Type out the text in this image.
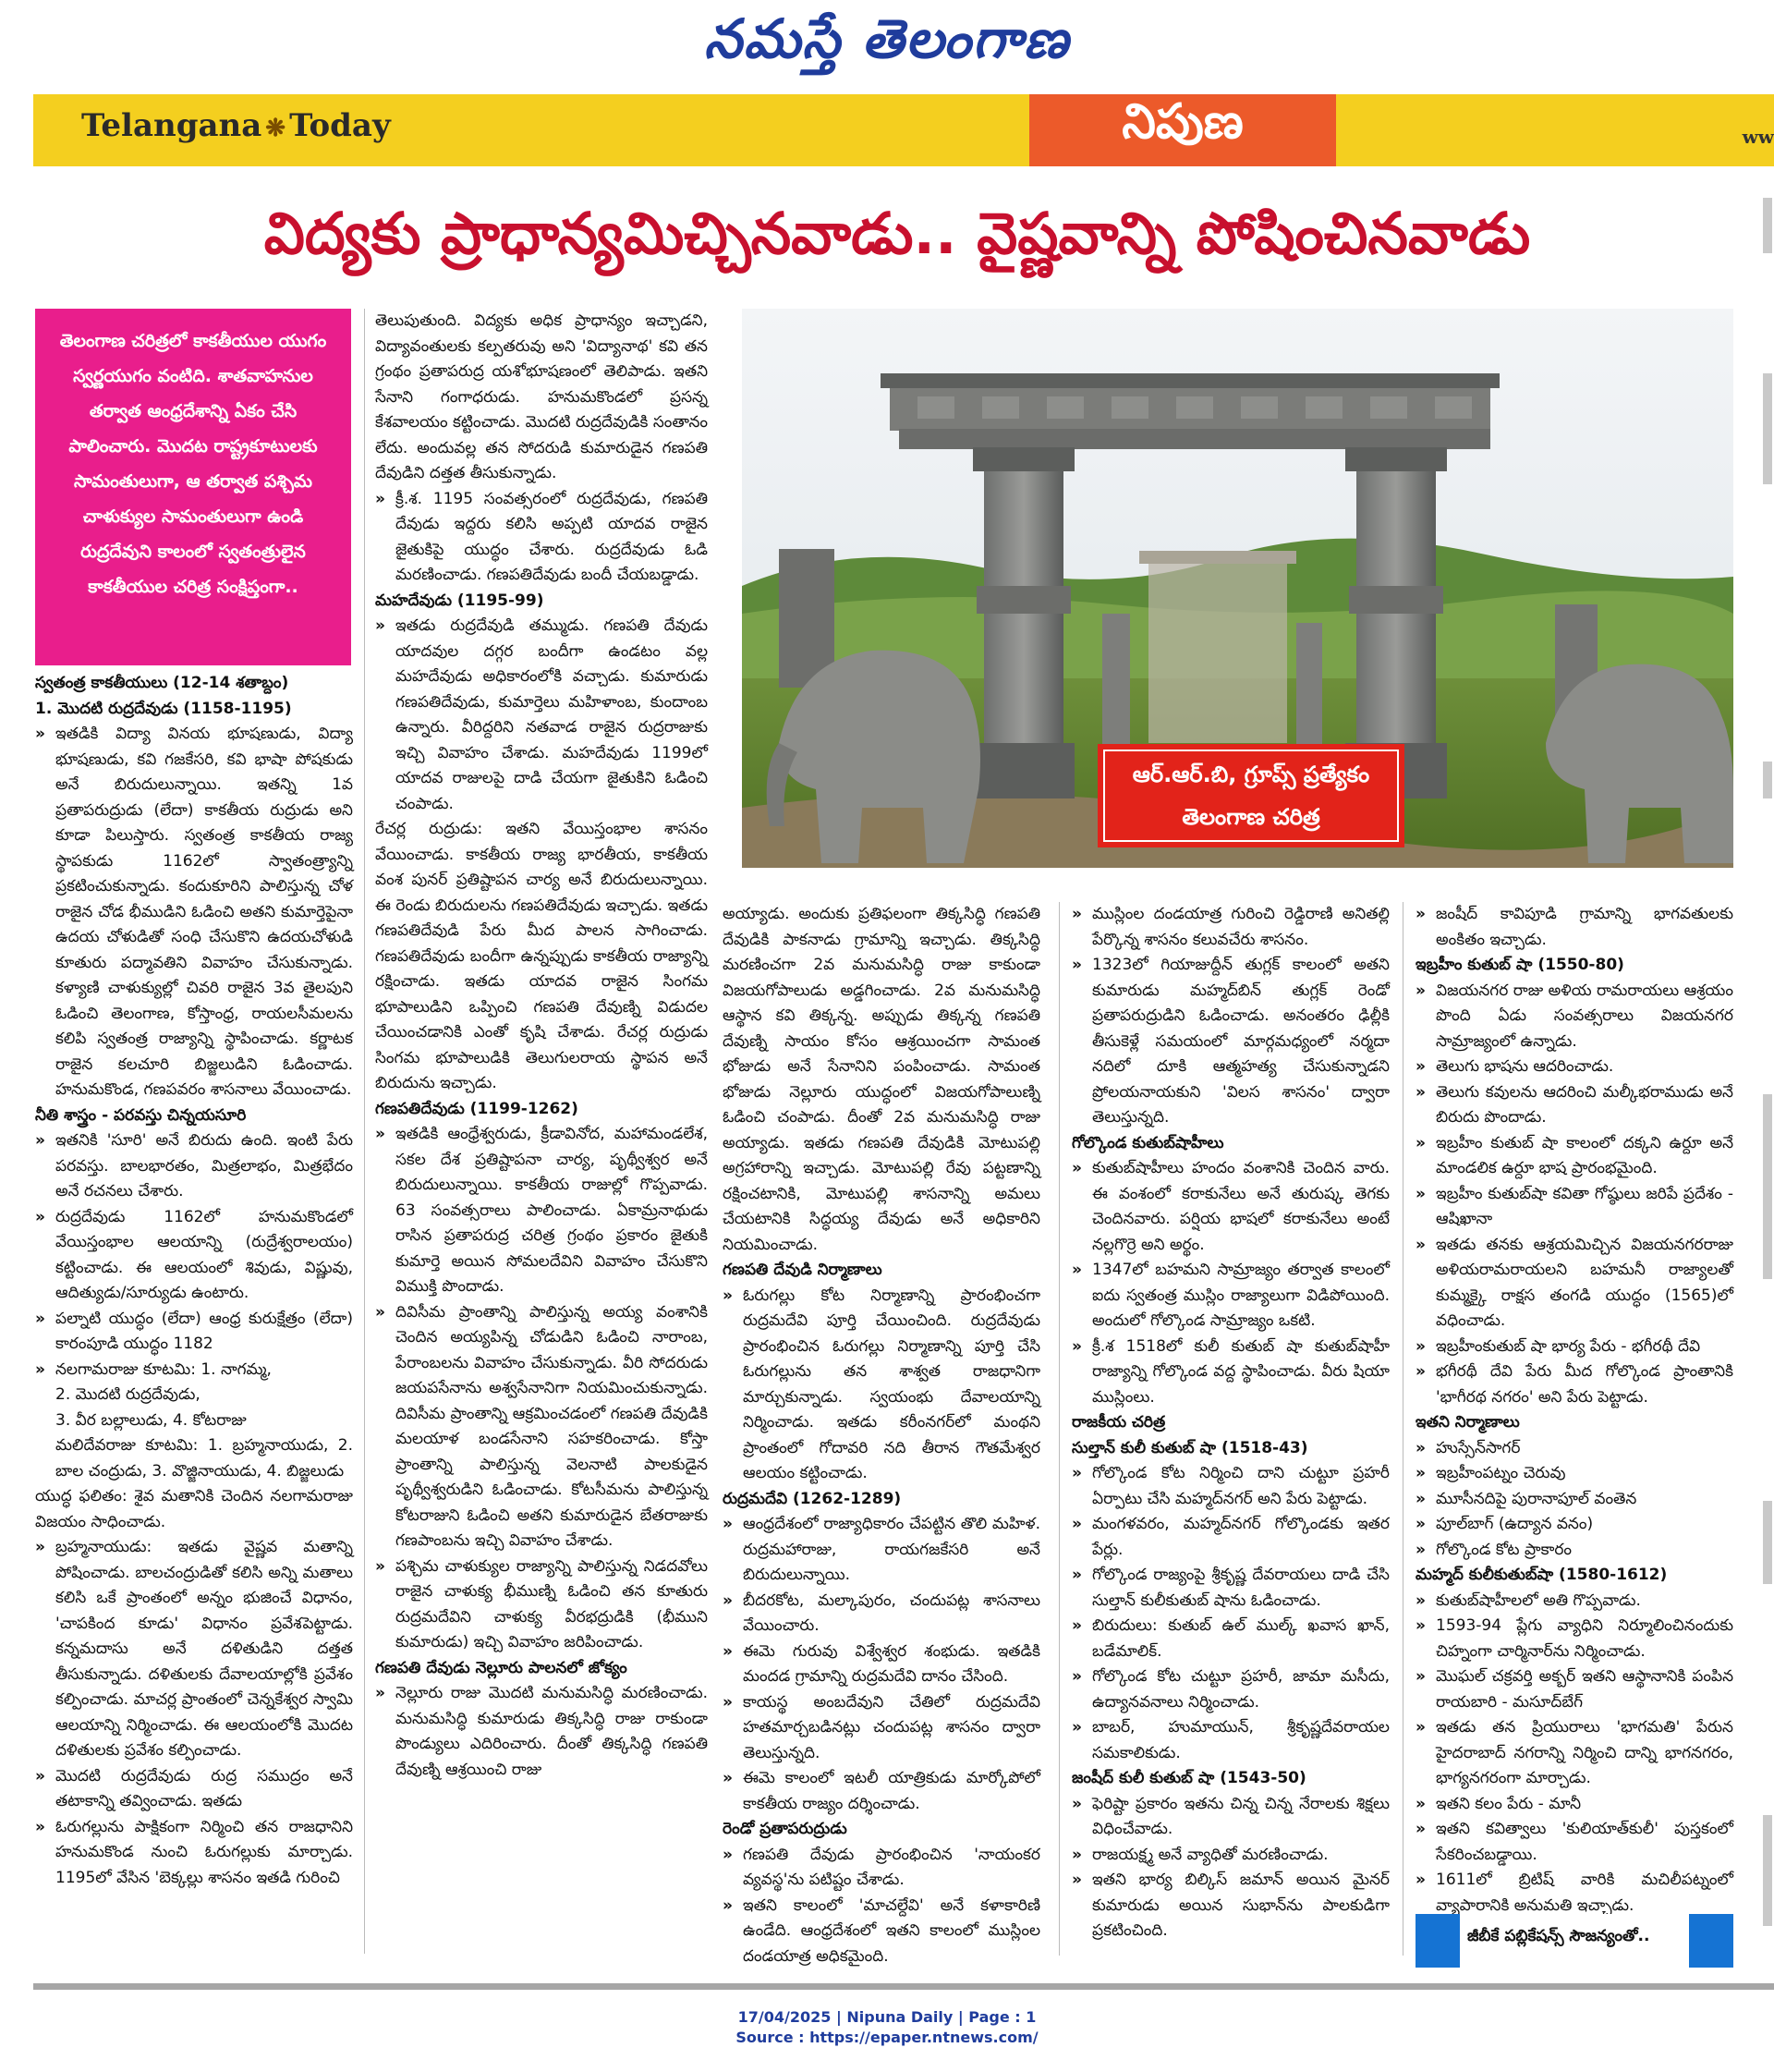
నమస్తే తెలంగాణ
Telangana ❋ Today	నిపుణ	ww
విద్యకు ప్రాధాన్యమిచ్చినవాడు.. వైష్ణవాన్ని పోషించినవాడు
తెలంగాణ చరిత్రలో కాకతీయుల యుగం స్వర్ణయుగం వంటిది. శాతవాహనుల తర్వాత ఆంధ్రదేశాన్ని ఏకం చేసి పాలించారు. మొదట రాష్ట్రకూటులకు సామంతులుగా, ఆ తర్వాత పశ్చిమ చాళుక్యుల సామంతులుగా ఉండి రుద్రదేవుని కాలంలో స్వతంత్రులైన కాకతీయుల చరిత్ర సంక్షిప్తంగా..

స్వతంత్ర కాకతీయులు (12-14 శతాబ్దం)

1. మొదటి రుద్రదేవుడు (1158-1195)

» ఇతడికి విద్యా వినయ భూషణుడు, విద్యా భూషణుడు, కవి గజకేసరి, కవి భాషా పోషకుడు అనే బిరుదులున్నాయి. ఇతన్ని 1వ ప్రతాపరుద్రుడు (లేదా) కాకతీయ రుద్రుడు అని కూడా పిలుస్తారు. స్వతంత్ర కాకతీయ రాజ్య స్థాపకుడు 1162లో స్వాతంత్ర్యాన్ని ప్రకటించుకున్నాడు. కందుకూరిని పాలిస్తున్న చోళ రాజైన చోడ భీముడిని ఓడించి అతని కుమార్తెపైనా ఉదయ చోళుడితో సంధి చేసుకొని ఉదయచోళుడి కూతురు పద్మావతిని వివాహం చేసుకున్నాడు. కళ్యాణి చాళుక్యుల్లో చివరి రాజైన 3వ తైలపుని ఓడించి తెలంగాణ, కోస్తాంధ్ర, రాయలసీమలను కలిపి స్వతంత్ర రాజ్యాన్ని స్థాపించాడు. కర్ణాటక రాజైన కలచూరి బిజ్జలుడిని ఓడించాడు. హనుమకొండ, గణపవరం శాసనాలు వేయించాడు.

నీతి శాస్త్రం - పరవస్తు చిన్నయసూరి

» ఇతనికి 'సూరి' అనే బిరుదు ఉంది. ఇంటి పేరు పరవస్తు. బాలభారతం, మిత్రలాభం, మిత్రభేదం అనే రచనలు చేశారు.

» రుద్రదేవుడు 1162లో హనుమకొండలో వేయిస్తంభాల ఆలయాన్ని (రుద్రేశ్వరాలయం) కట్టించాడు. ఈ ఆలయంలో శివుడు, విష్ణువు, ఆదిత్యుడు/సూర్యుడు ఉంటారు.

» పల్నాటి యుద్ధం (లేదా) ఆంధ్ర కురుక్షేత్రం (లేదా) కారంపూడి యుద్ధం 1182

» నలగామరాజు కూటమి: 1. నాగమ్మ,

2. మొదటి రుద్రదేవుడు,

3. వీర బల్లాలుడు, 4. కోటరాజు

మలిదేవరాజు కూటమి: 1. బ్రహ్మనాయుడు, 2. బాల చంద్రుడు, 3. వొజ్జినాయుడు, 4. బిజ్జలుడు

యుద్ధ ఫలితం: శైవ మతానికి చెందిన నలగామరాజు విజయం సాధించాడు.

» బ్రహ్మనాయుడు: ఇతడు వైష్ణవ మతాన్ని పోషించాడు. బాలచంద్రుడితో కలిసి అన్ని మతాలు కలిసి ఒకే ప్రాంతంలో అన్నం భుజించే విధానం, 'చాపకింద కూడు' విధానం ప్రవేశపెట్టాడు. కన్నమదాసు అనే దళితుడిని దత్తత తీసుకున్నాడు. దళితులకు దేవాలయాల్లోకి ప్రవేశం కల్పించాడు. మాచర్ల ప్రాంతంలో చెన్నకేశ్వర స్వామి ఆలయాన్ని నిర్మించాడు. ఈ ఆలయంలోకి మొదట దళితులకు ప్రవేశం కల్పించాడు.

» మొదటి రుద్రదేవుడు రుద్ర సముద్రం అనే తటాకాన్ని తవ్వించాడు. ఇతడు

» ఓరుగల్లును పాక్షికంగా నిర్మించి తన రాజధానిని హనుమకొండ నుంచి ఓరుగల్లుకు మార్చాడు. 1195లో వేసిన 'బెక్కల్లు శాసనం ఇతడి గురించి

తెలుపుతుంది. విద్యకు అధిక ప్రాధాన్యం ఇచ్చాడని, విద్యావంతులకు కల్పతరువు అని 'విద్యానాథ' కవి తన గ్రంథం ప్రతాపరుద్ర యశోభూషణంలో తెలిపాడు. ఇతని సేనాని గంగాధరుడు. హనుమకొండలో ప్రసన్న కేశవాలయం కట్టించాడు. మొదటి రుద్రదేవుడికి సంతానం లేదు. అందువల్ల తన సోదరుడి కుమారుడైన గణపతి దేవుడిని దత్తత తీసుకున్నాడు.

» క్రీ.శ. 1195 సంవత్సరంలో రుద్రదేవుడు, గణపతి దేవుడు ఇద్దరు కలిసి అప్పటి యాదవ రాజైన జైతుకిపై యుద్ధం చేశారు. రుద్రదేవుడు ఓడి మరణించాడు. గణపతిదేవుడు బందీ చేయబడ్డాడు.

మహదేవుడు (1195-99)

» ఇతడు రుద్రదేవుడి తమ్ముడు. గణపతి దేవుడు యాదవుల దగ్గర బందీగా ఉండటం వల్ల మహదేవుడు అధికారంలోకి వచ్చాడు. కుమారుడు గణపతిదేవుడు, కుమార్తెలు మహిళాంబ, కుందాంబ ఉన్నారు. వీరిద్దరిని నతవాడ రాజైన రుద్రరాజుకు ఇచ్చి వివాహం చేశాడు. మహదేవుడు 1199లో యాదవ రాజులపై దాడి చేయగా జైతుకిని ఓడించి చంపాడు.

రేచర్ల రుద్రుడు: ఇతని వేయిస్తంభాల శాసనం వేయించాడు. కాకతీయ రాజ్య భారతీయ, కాకతీయ వంశ పునర్ ప్రతిష్టాపన చార్య అనే బిరుదులున్నాయి. ఈ రెండు బిరుదులను గణపతిదేవుడు ఇచ్చాడు. ఇతడు గణపతిదేవుడి పేరు మీద పాలన సాగించాడు. గణపతిదేవుడు బందీగా ఉన్నప్పుడు కాకతీయ రాజ్యాన్ని రక్షించాడు. ఇతడు యాదవ రాజైన సింగమ భూపాలుడిని ఒప్పించి గణపతి దేవుణ్ని విడుదల చేయించడానికి ఎంతో కృషి చేశాడు. రేచర్ల రుద్రుడు సింగమ భూపాలుడికి తెలుగులరాయ స్థాపన అనే బిరుదును ఇచ్చాడు.

గణపతిదేవుడు (1199-1262)

» ఇతడికి ఆంధ్రేశ్వరుడు, క్రీడావినోద, మహామండలేశ, సకల దేశ ప్రతిష్టాపనా చార్య, పృథ్వీశ్వర అనే బిరుదులున్నాయి. కాకతీయ రాజుల్లో గొప్పవాడు. 63 సంవత్సరాలు పాలించాడు. ఏకామ్రనాథుడు రాసిన ప్రతాపరుద్ర చరిత్ర గ్రంథం ప్రకారం జైతుకి కుమార్తె అయిన సోమలదేవిని వివాహం చేసుకొని విముక్తి పొందాడు.

» దివిసీమ ప్రాంతాన్ని పాలిస్తున్న అయ్య వంశానికి చెందిన అయ్యపిన్న చోడుడిని ఓడించి నారాంబ, పేరాంబలను వివాహం చేసుకున్నాడు. వీరి సోదరుడు జయపసేనాను అశ్వసేనానిగా నియమించుకున్నాడు. దివిసీమ ప్రాంతాన్ని ఆక్రమించడంలో గణపతి దేవుడికి మలయాళ బండసేనాని సహకరించాడు. కోస్తా ప్రాంతాన్ని పాలిస్తున్న వెలనాటి పాలకుడైన పృథ్వీశ్వరుడిని ఓడించాడు. కోటసీమను పాలిస్తున్న కోటరాజుని ఓడించి అతని కుమారుడైన బేతరాజుకు గణపాంబను ఇచ్చి వివాహం చేశాడు.

» పశ్చిమ చాళుక్యుల రాజ్యాన్ని పాలిస్తున్న నిడదవోలు రాజైన చాళుక్య భీముణ్ని ఓడించి తన కూతురు రుద్రమదేవిని చాళుక్య వీరభద్రుడికి (భీముని కుమారుడు) ఇచ్చి వివాహం జరిపించాడు.

గణపతి దేవుడు నెల్లూరు పాలనలో జోక్యం

» నెల్లూరు రాజు మొదటి మనుమసిద్ధి మరణించాడు. మనుమసిద్ధి కుమారుడు తిక్కసిద్ధి రాజు రాకుండా పొండ్యులు ఎదిరించారు. దీంతో తిక్కసిద్ధి గణపతి దేవుణ్ని ఆశ్రయించి రాజు

అయ్యాడు. అందుకు ప్రతిఫలంగా తిక్కసిద్ధి గణపతి దేవుడికి పాకనాడు గ్రామాన్ని ఇచ్చాడు. తిక్కసిద్ధి మరణించగా 2వ మనుమసిద్ధి రాజు కాకుండా విజయగోపాలుడు అడ్డగించాడు. 2వ మనుమసిద్ధి ఆస్థాన కవి తిక్కన్న. అప్పుడు తిక్కన్న గణపతి దేవుణ్ని సాయం కోసం ఆశ్రయించగా సామంత భోజుడు అనే సేనానిని పంపించాడు. సామంత భోజుడు నెల్లూరు యుద్ధంలో విజయగోపాలుణ్ని ఓడించి చంపాడు. దీంతో 2వ మనుమసిద్ధి రాజు అయ్యాడు. ఇతడు గణపతి దేవుడికి మోటుపల్లి అగ్రహారాన్ని ఇచ్చాడు. మోటుపల్లి రేవు పట్టణాన్ని రక్షించటానికి, మోటుపల్లి శాసనాన్ని అమలు చేయటానికి సిద్ధయ్య దేవుడు అనే అధికారిని నియమించాడు.

గణపతి దేవుడి నిర్మాణాలు

» ఓరుగల్లు కోట నిర్మాణాన్ని ప్రారంభించగా రుద్రమదేవి పూర్తి చేయించింది. రుద్రదేవుడు ప్రారంభించిన ఓరుగల్లు నిర్మాణాన్ని పూర్తి చేసి ఓరుగల్లును తన శాశ్వత రాజధానిగా మార్చుకున్నాడు. స్వయంభు దేవాలయాన్ని నిర్మించాడు. ఇతడు కరీంనగర్‌లో మంథని ప్రాంతంలో గోదావరి నది తీరాన గౌతమేశ్వర ఆలయం కట్టించాడు.

రుద్రమదేవి (1262-1289)

» ఆంధ్రదేశంలో రాజ్యాధికారం చేపట్టిన తొలి మహిళ. రుద్రమహారాజు, రాయగజకేసరి అనే బిరుదులున్నాయి.

» బీదరకోట, మల్కాపురం, చందుపట్ల శాసనాలు వేయించారు.

» ఈమె గురువు విశ్వేశ్వర శంభుడు. ఇతడికి మందడ గ్రామాన్ని రుద్రమదేవి దానం చేసింది.

» కాయస్థ అంబదేవుని చేతిలో రుద్రమదేవి హతమార్చబడినట్లు చందుపట్ల శాసనం ద్వారా తెలుస్తున్నది.

» ఈమె కాలంలో ఇటలీ యాత్రికుడు మార్కోపోలో కాకతీయ రాజ్యం దర్శించాడు.

రెండో ప్రతాపరుద్రుడు

» గణపతి దేవుడు ప్రారంభించిన 'నాయంకర వ్యవస్థ'ను పటిష్టం చేశాడు.

» ఇతని కాలంలో 'మాచల్దేవి' అనే కళాకారిణి ఉండేది. ఆంధ్రదేశంలో ఇతని కాలంలో ముస్లింల దండయాత్ర అధికమైంది.

» ముస్లింల దండయాత్ర గురించి రెడ్డిరాణి అనితల్లి పేర్కొన్న శాసనం కలువచేరు శాసనం.

» 1323లో గియాజుద్దీన్ తుగ్లక్ కాలంలో అతని కుమారుడు మహ్మద్‌బిన్ తుగ్లక్ రెండో ప్రతాపరుద్రుడిని ఓడించాడు. అనంతరం ఢిల్లీకి తీసుకెళ్లే సమయంలో మార్గమధ్యంలో నర్మదా నదిలో దూకి ఆత్మహత్య చేసుకున్నాడని ప్రోలయనాయకుని 'విలస శాసనం' ద్వారా తెలుస్తున్నది.

గోల్కొండ కుతుబ్‌షాహీలు

» కుతుబ్‌షాహీలు హందం వంశానికి చెందిన వారు. ఈ వంశంలో కరాకునేలు అనే తురుష్క తెగకు చెందినవారు. పర్షియ భాషలో కరాకునేలు అంటే నల్లగొర్రె అని అర్థం.

» 1347లో బహమని సామ్రాజ్యం తర్వాత కాలంలో ఐదు స్వతంత్ర ముస్లిం రాజ్యాలుగా విడిపోయింది. అందులో గోల్కొండ సామ్రాజ్యం ఒకటి.

» క్రీ.శ 1518లో కులీ కుతుబ్ షా కుతుబ్‌షాహీ రాజ్యాన్ని గోల్కొండ వద్ద స్థాపించాడు. వీరు షియా ముస్లింలు.

రాజకీయ చరిత్ర

సుల్తాన్ కులీ కుతుబ్ షా (1518-43)

» గోల్కొండ కోట నిర్మించి దాని చుట్టూ ప్రహరీ ఏర్పాటు చేసి మహ్మద్‌నగర్ అని పేరు పెట్టాడు.

» మంగళవరం, మహ్మద్‌నగర్ గోల్కొండకు ఇతర పేర్లు.

» గోల్కొండ రాజ్యంపై శ్రీకృష్ణ దేవరాయలు దాడి చేసి సుల్తాన్ కులీకుతుబ్ షాను ఓడించాడు.

» బిరుదులు: కుతుబ్ ఉల్ ముల్క్ ఖవాస ఖాన్, బడేమాలిక్.

» గోల్కొండ కోట చుట్టూ ప్రహరీ, జామా మసీదు, ఉద్యానవనాలు నిర్మించాడు.

» బాబర్, హుమాయున్, శ్రీకృష్ణదేవరాయల సమకాలికుడు.

జంషీద్ కులీ కుతుబ్ షా (1543-50)

» ఫెరిష్టా ప్రకారం ఇతను చిన్న చిన్న నేరాలకు శిక్షలు విధించేవాడు.

» రాజయక్ష్మ అనే వ్యాధితో మరణించాడు.

» ఇతని భార్య బిల్కిస్ జమాన్ అయిన మైనర్ కుమారుడు అయిన సుభాన్‌ను పాలకుడిగా ప్రకటించింది.

» జంషీద్ కావిపూడి గ్రామాన్ని భాగవతులకు అంకితం ఇచ్చాడు.

ఇబ్రహీం కుతుబ్ షా (1550-80)

» విజయనగర రాజు అళియ రామరాయలు ఆశ్రయం పొంది ఏడు సంవత్సరాలు విజయనగర సామ్రాజ్యంలో ఉన్నాడు.

» తెలుగు భాషను ఆదరించాడు.

» తెలుగు కవులను ఆదరించి మల్కీభరాముడు అనే బిరుదు పొందాడు.

» ఇబ్రహీం కుతుబ్ షా కాలంలో దక్కని ఉర్దూ అనే మాండలిక ఉర్దూ భాష ప్రారంభమైంది.

» ఇబ్రహీం కుతుబ్‌షా కవితా గోష్ఠులు జరిపే ప్రదేశం - ఆషిఖానా

» ఇతడు తనకు ఆశ్రయమిచ్చిన విజయనగరరాజు అళియరామరాయలని బహమనీ రాజ్యాలతో కుమ్మక్కై రాక్షస తంగడి యుద్ధం (1565)లో వధించాడు.

» ఇబ్రహీంకుతుబ్ షా భార్య పేరు - భగీరథీ దేవి

» భగీరథీ దేవి పేరు మీద గోల్కొండ ప్రాంతానికి 'భాగీరథ నగరం' అని పేరు పెట్టాడు.

ఇతని నిర్మాణాలు

» హుస్సేన్‌సాగర్

» ఇబ్రహీంపట్నం చెరువు

» మూసీనదిపై పురానాపూల్ వంతెన

» పూల్‌బాగ్ (ఉద్యాన వనం)

» గోల్కొండ కోట ప్రాకారం

మహ్మద్ కులీకుతుబ్‌షా (1580-1612)

» కుతుబ్‌షాహీలలో అతి గొప్పవాడు.

» 1593-94 ప్లేగు వ్యాధిని నిర్మూలించినందుకు చిహ్నంగా చార్మినార్‌ను నిర్మించాడు.

» మొఘల్ చక్రవర్తి అక్బర్ ఇతని ఆస్థానానికి పంపిన రాయబారి - మసూద్‌బేగ్

» ఇతడు తన ప్రియురాలు 'భాగమతి' పేరున హైదరాబాద్ నగరాన్ని నిర్మించి దాన్ని భాగనగరం, భాగ్యనగరంగా మార్చాడు.

» ఇతని కలం పేరు - మానీ

» ఇతని కవిత్వాలు 'కులియాత్‌కులీ' పుస్తకంలో సేకరించబడ్డాయి.

» 1611లో బ్రిటిష్ వారికి మచిలీపట్నంలో వ్యాపారానికి అనుమతి ఇచ్చాడు.

ఆర్.ఆర్.బి, గ్రూప్స్ ప్రత్యేకం
తెలంగాణ చరిత్ర
జీబీకే పబ్లికేషన్స్ సౌజన్యంతో..
17/04/2025 | Nipuna Daily | Page : 1
Source : https://epaper.ntnews.com/
